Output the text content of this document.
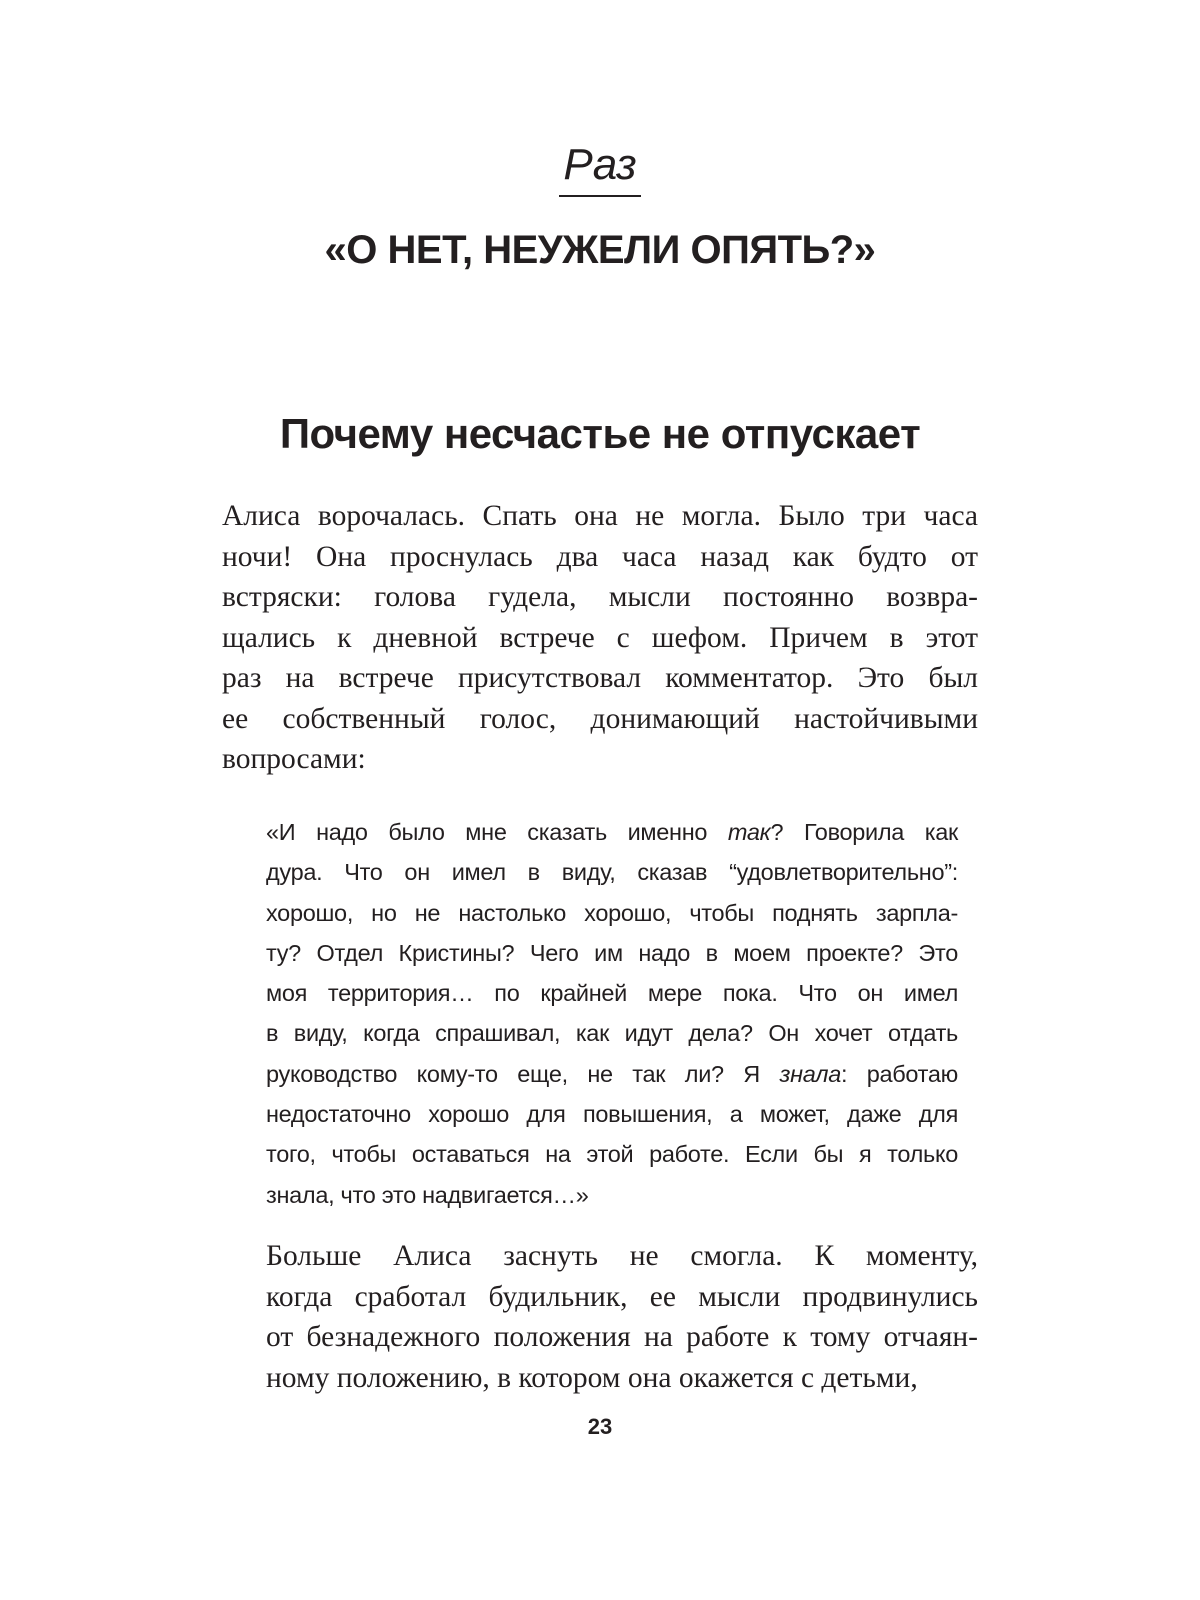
Раз
«О НЕТ, НЕУЖЕЛИ ОПЯТЬ?»
Почему несчастье не отпускает

Алиса ворочалась. Спать она не могла. Было три часа
ночи! Она проснулась два часа назад как будто от
встряски: голова гудела, мысли постоянно возвра-
щались к дневной встрече с шефом. Причем в этот
раз на встрече присутствовал комментатор. Это был
ее собственный голос, донимающий настойчивыми
вопросами:

«И надо было мне сказать именно так? Говорила как
дура. Что он имел в виду, сказав “удовлетворительно”:
хорошо, но не настолько хорошо, чтобы поднять зарпла-
ту? Отдел Кристины? Чего им надо в моем проекте? Это
моя территория… по крайней мере пока. Что он имел
в виду, когда спрашивал, как идут дела? Он хочет отдать
руководство кому-то еще, не так ли? Я знала: работаю
недостаточно хорошо для повышения, а может, даже для
того, чтобы оставаться на этой работе. Если бы я только
знала, что это надвигается…»

Больше Алиса заснуть не смогла. К моменту,
когда сработал будильник, ее мысли продвинулись
от безнадежного положения на работе к тому отчаян-
ному положению, в котором она окажется с детьми,

23
